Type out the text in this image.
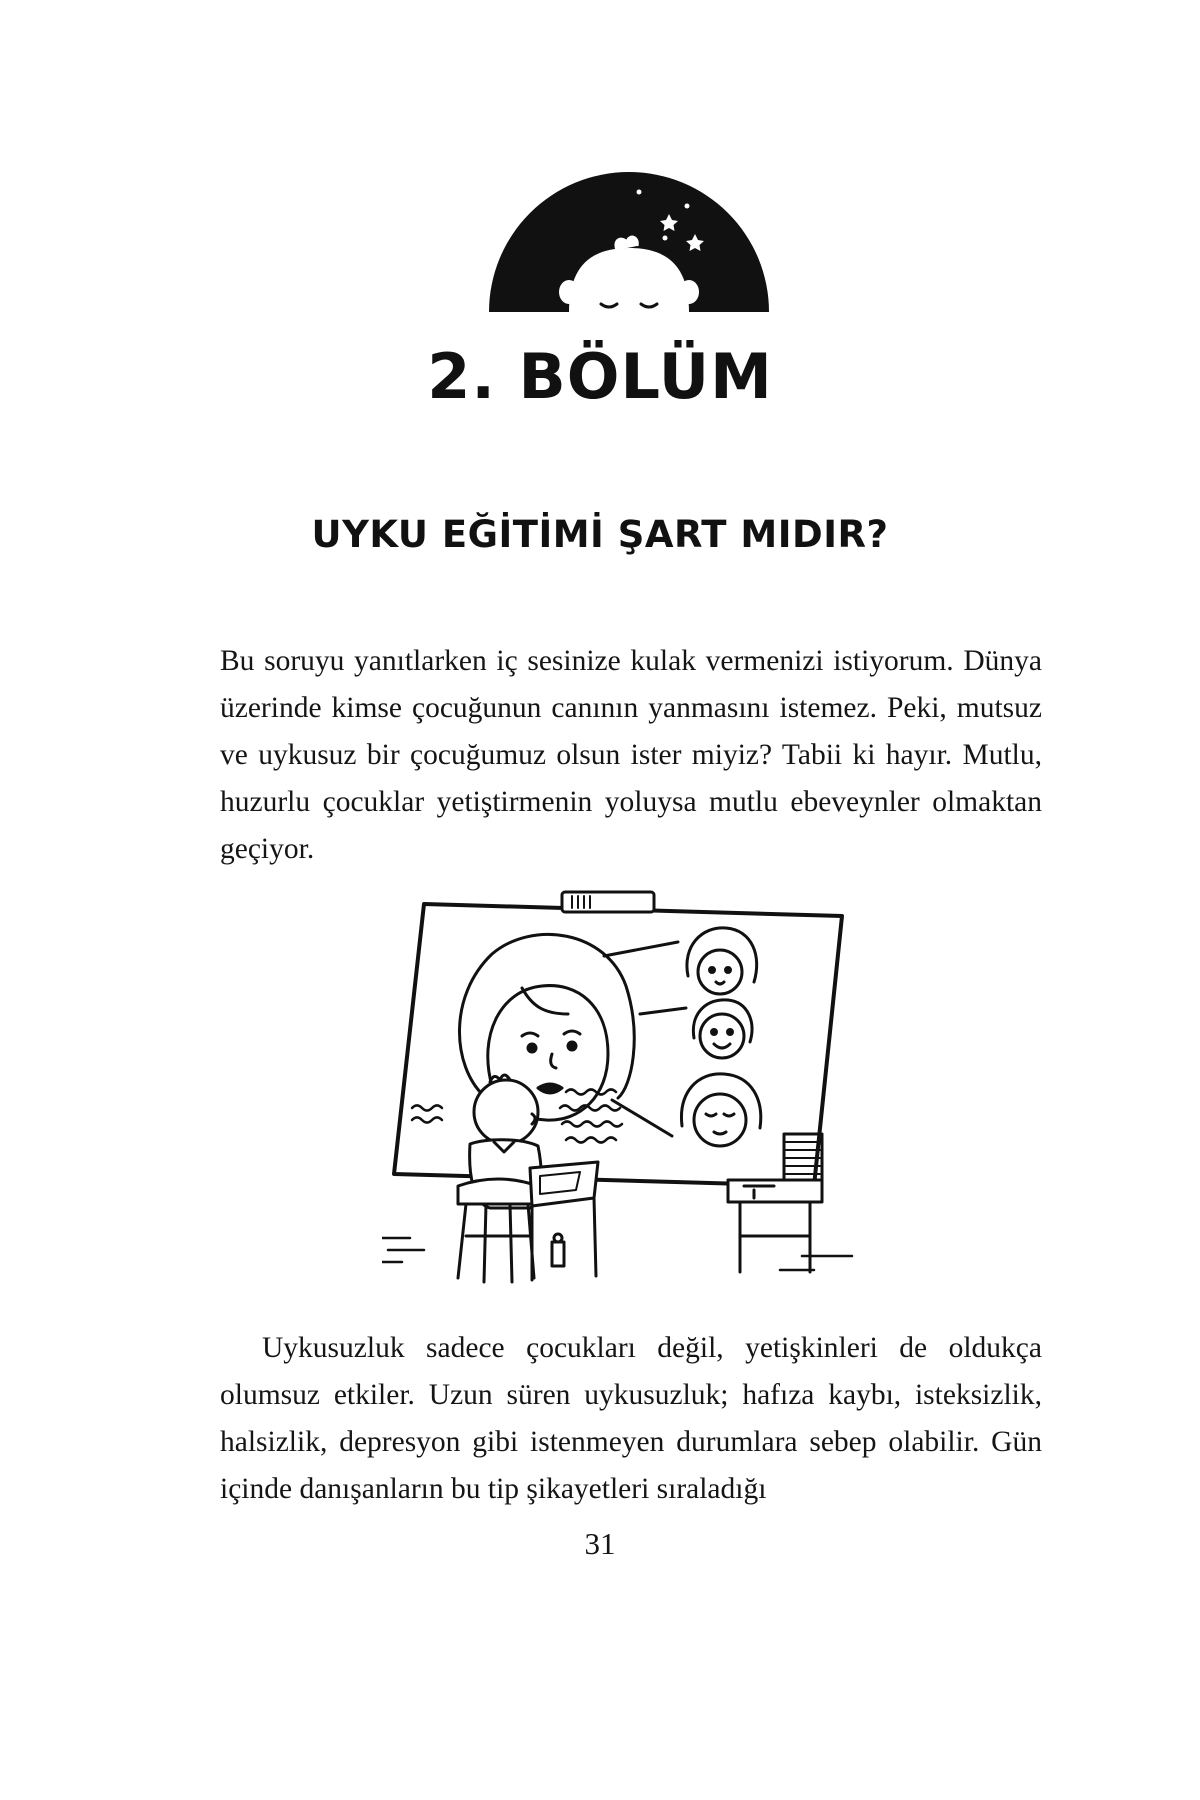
2. BÖLÜM
UYKU EĞİTİMİ ŞART MIDIR?

Bu soruyu yanıtlarken iç sesinize kulak vermenizi istiyorum. Dünya üzerinde kimse çocuğunun canının yanmasını istemez. Peki, mutsuz ve uykusuz bir çocuğumuz olsun ister miyiz? Tabii ki hayır. Mutlu, huzurlu çocuklar yetiştirmenin yoluysa mutlu ebeveynler olmaktan geçiyor.

Uykusuzluk sadece çocukları değil, yetişkinleri de oldukça olumsuz etkiler. Uzun süren uykusuzluk; hafıza kaybı, isteksizlik, halsizlik, depresyon gibi istenmeyen durumlara sebep olabilir. Gün içinde danışanların bu tip şikayetleri sıraladığı

31
